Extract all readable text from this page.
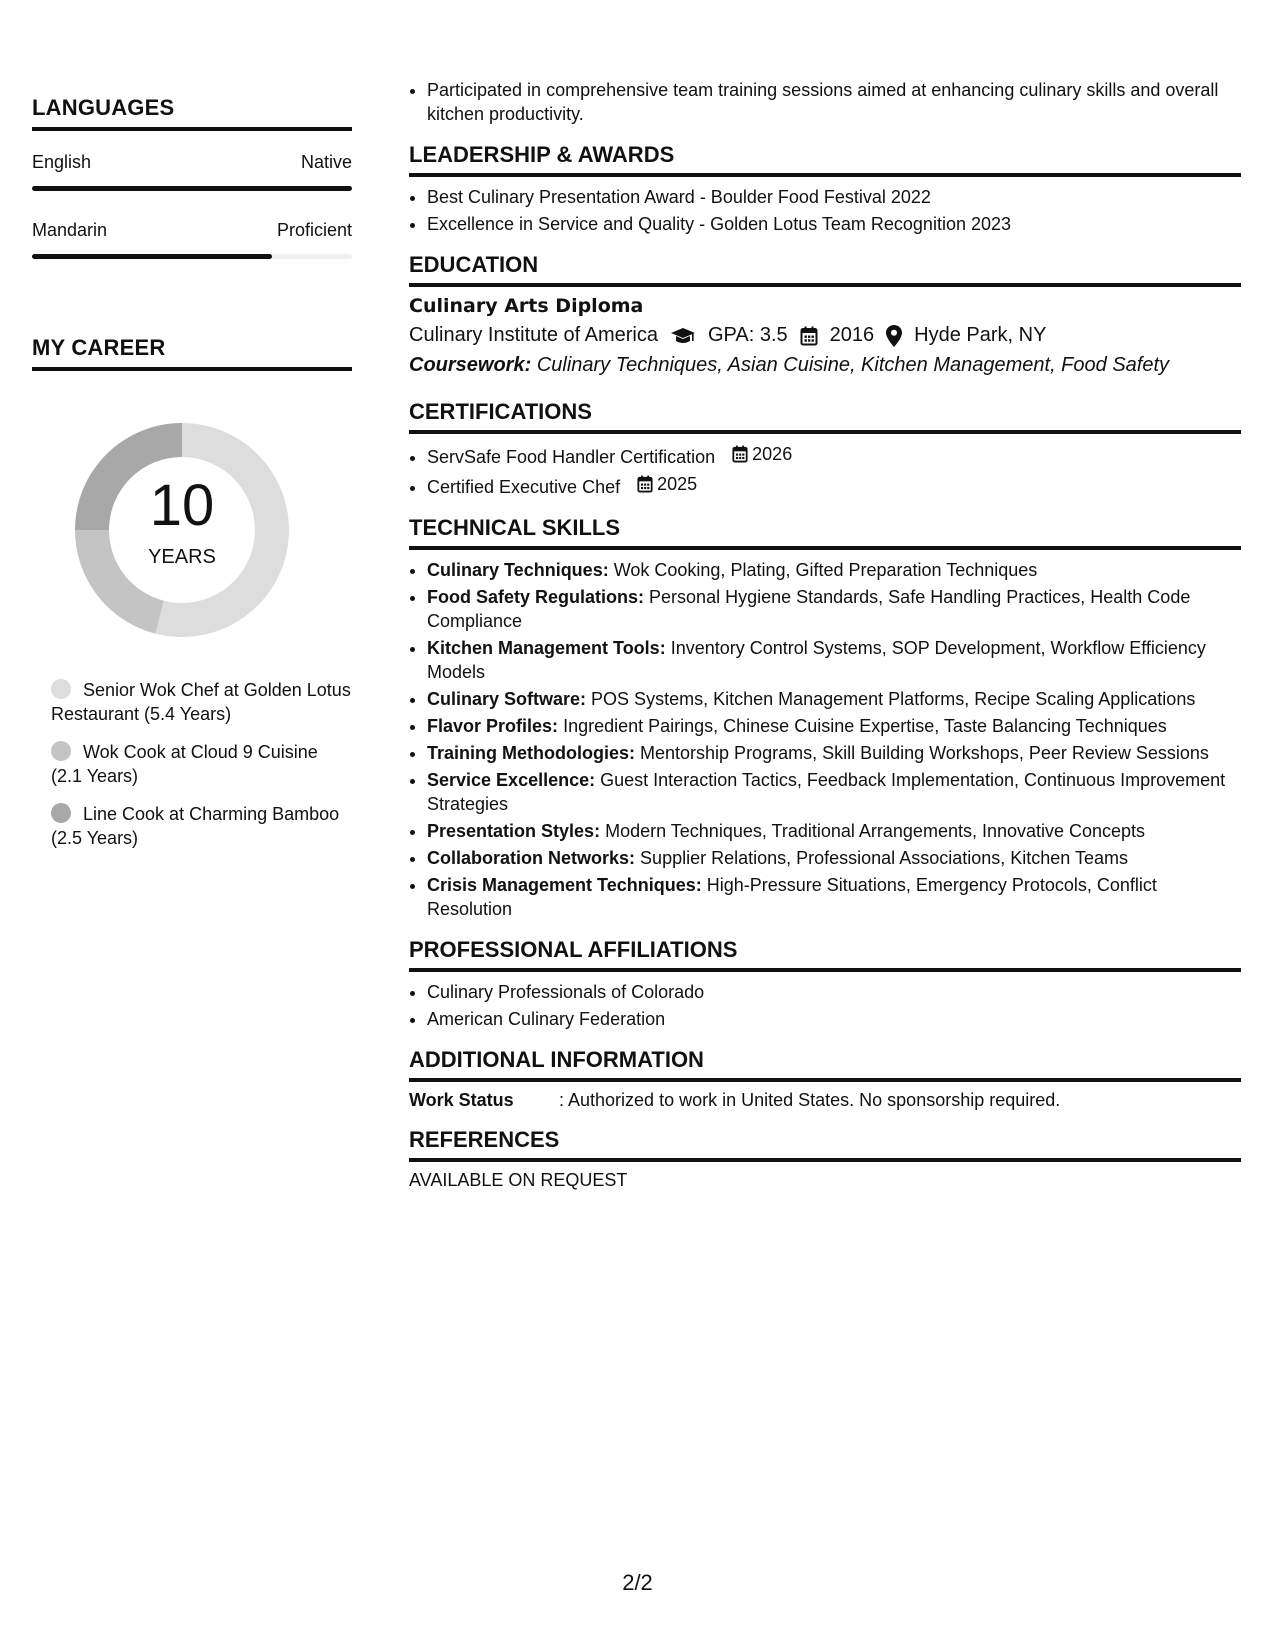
LANGUAGES
English	Native
Mandarin	Proficient
MY CAREER
10
YEARS
Senior Wok Chef at Golden Lotus Restaurant (5.4 Years)
Wok Cook at Cloud 9 Cuisine (2.1 Years)
Line Cook at Charming Bamboo (2.5 Years)
• Participated in comprehensive team training sessions aimed at enhancing culinary skills and overall kitchen productivity.
LEADERSHIP & AWARDS
• Best Culinary Presentation Award - Boulder Food Festival 2022
• Excellence in Service and Quality - Golden Lotus Team Recognition 2023
EDUCATION
Culinary Arts Diploma
Culinary Institute of America	GPA: 3.5 2016 Hyde Park, NY
Coursework: Culinary Techniques, Asian Cuisine, Kitchen Management, Food Safety
CERTIFICATIONS
• ServSafe Food Handler Certification 2026
• Certified Executive Chef 2025
TECHNICAL SKILLS
• Culinary Techniques: Wok Cooking, Plating, Gifted Preparation Techniques
• Food Safety Regulations: Personal Hygiene Standards, Safe Handling Practices, Health Code Compliance
• Kitchen Management Tools: Inventory Control Systems, SOP Development, Workflow Efficiency Models
• Culinary Software: POS Systems, Kitchen Management Platforms, Recipe Scaling Applications
• Flavor Profiles: Ingredient Pairings, Chinese Cuisine Expertise, Taste Balancing Techniques
• Training Methodologies: Mentorship Programs, Skill Building Workshops, Peer Review Sessions
• Service Excellence: Guest Interaction Tactics, Feedback Implementation, Continuous Improvement Strategies
• Presentation Styles: Modern Techniques, Traditional Arrangements, Innovative Concepts
• Collaboration Networks: Supplier Relations, Professional Associations, Kitchen Teams
• Crisis Management Techniques: High-Pressure Situations, Emergency Protocols, Conflict Resolution
PROFESSIONAL AFFILIATIONS
• Culinary Professionals of Colorado
• American Culinary Federation
ADDITIONAL INFORMATION
Work Status	: Authorized to work in United States. No sponsorship required.
REFERENCES
AVAILABLE ON REQUEST
2/2
